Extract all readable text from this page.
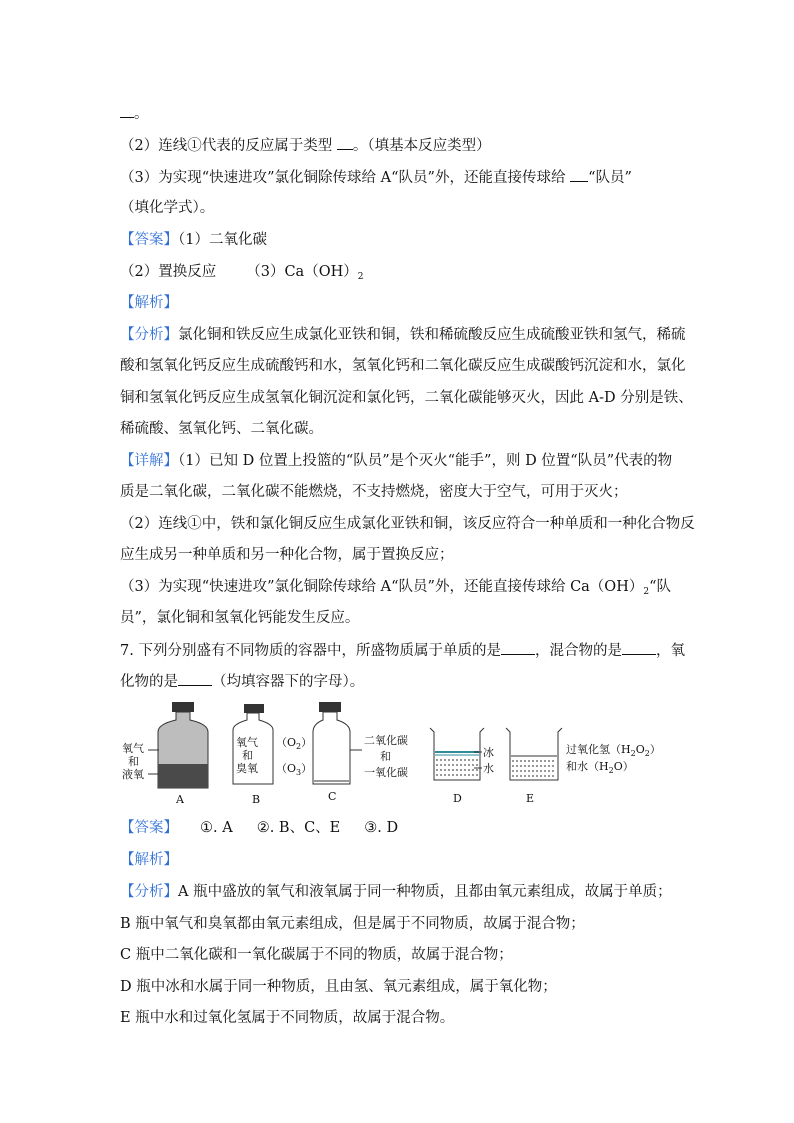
。
（2）连线①代表的反应属于类型 。（填基本反应类型）
（3）为实现“快速进攻”氯化铜除传球给 A“队员”外，还能直接传球给 “队员”
（填化学式）。
【答案】（1）二氧化碳
（2）置换反应 $(3)Ca(OH)_2$
【解析】
【分析】氯化铜和铁反应生成氯化亚铁和铜，铁和稀硫酸反应生成硫酸亚铁和氢气，稀硫
酸和氢氧化钙反应生成硫酸钙和水，氢氧化钙和二氧化碳反应生成碳酸钙沉淀和水，氯化
铜和氢氧化钙反应生成氢氧化铜沉淀和氯化钙，二氧化碳能够灭火，因此 A-D 分别是铁、
稀硫酸、氢氧化钙、二氧化碳。
【详解】（1）已知 D 位置上投篮的“队员”是个灭火“能手”，则 D 位置“队员”代表的物
质是二氧化碳，二氧化碳不能燃烧，不支持燃烧，密度大于空气，可用于灭火；
（2）连线①中，铁和氯化铜反应生成氯化亚铁和铜，该反应符合一种单质和一种化合物反
应生成另一种单质和另一种化合物，属于置换反应；
（3）为实现“快速进攻”氯化铜除传球给 A“队员”外，还能直接传球给 $Ca(OH)_2“$队
员”，氯化铜和氢氧化钙能发生反应。
7. 下列分别盛有不同物质的容器中，所盛物质属于单质的是 ，混合物的是 ，氧
化物的是 （均填容器下的字母）。
氧气
和
液氧
A
氧气
和
臭氧
$(O_2)$
$(O_3)$
B
二氧化碳
和
一氧化碳
C
冰
水
D
过氧化氢$(H_2O_2)$
和水$(H_2O)$
E
【答案】 ①. A ②. B、C、E ③. D
【解析】
【分析】A 瓶中盛放的氧气和液氧属于同一种物质，且都由氧元素组成，故属于单质；
B 瓶中氧气和臭氧都由氧元素组成，但是属于不同物质，故属于混合物；
C 瓶中二氧化碳和一氧化碳属于不同的物质，故属于混合物；
D 瓶中冰和水属于同一种物质，且由氢、氧元素组成，属于氧化物；
E 瓶中水和过氧化氢属于不同物质，故属于混合物。
